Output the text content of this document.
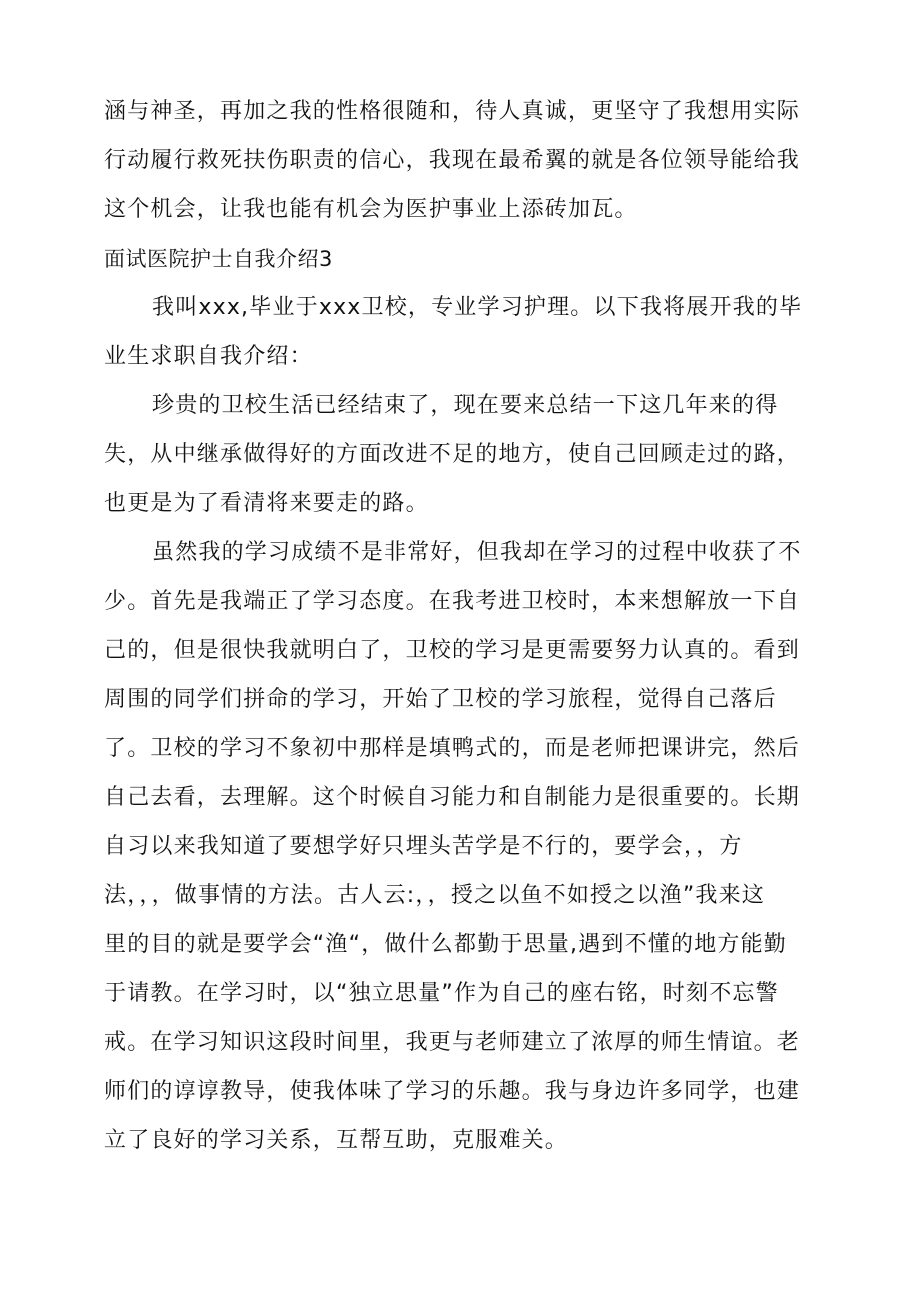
涵与神圣，再加之我的性格很随和，待人真诚，更坚守了我想用实际
行动履行救死扶伤职责的信心，我现在最希翼的就是各位领导能给我
这个机会，让我也能有机会为医护事业上添砖加瓦。
面试医院护士自我介绍3
我叫xxx,毕业于xxx卫校，专业学习护理。以下我将展开我的毕
业生求职自我介绍：
珍贵的卫校生活已经结束了，现在要来总结一下这几年来的得
失，从中继承做得好的方面改进不足的地方，使自己回顾走过的路，
也更是为了看清将来要走的路。
虽然我的学习成绩不是非常好，但我却在学习的过程中收获了不
少。首先是我端正了学习态度。在我考进卫校时，本来想解放一下自
己的，但是很快我就明白了，卫校的学习是更需要努力认真的。看到
周围的同学们拼命的学习，开始了卫校的学习旅程，觉得自己落后
了。卫校的学习不象初中那样是填鸭式的，而是老师把课讲完，然后
自己去看，去理解。这个时候自习能力和自制能力是很重要的。长期
自习以来我知道了要想学好只埋头苦学是不行的，要学会，，方
法，，，做事情的方法。古人云:，，授之以鱼不如授之以渔”我来这
里的目的就是要学会“渔“，做什么都勤于思量,遇到不懂的地方能勤
于请教。在学习时，以“独立思量”作为自己的座右铭，时刻不忘警
戒。在学习知识这段时间里，我更与老师建立了浓厚的师生情谊。老
师们的谆谆教导，使我体味了学习的乐趣。我与身边许多同学，也建
立了良好的学习关系，互帮互助，克服难关。
